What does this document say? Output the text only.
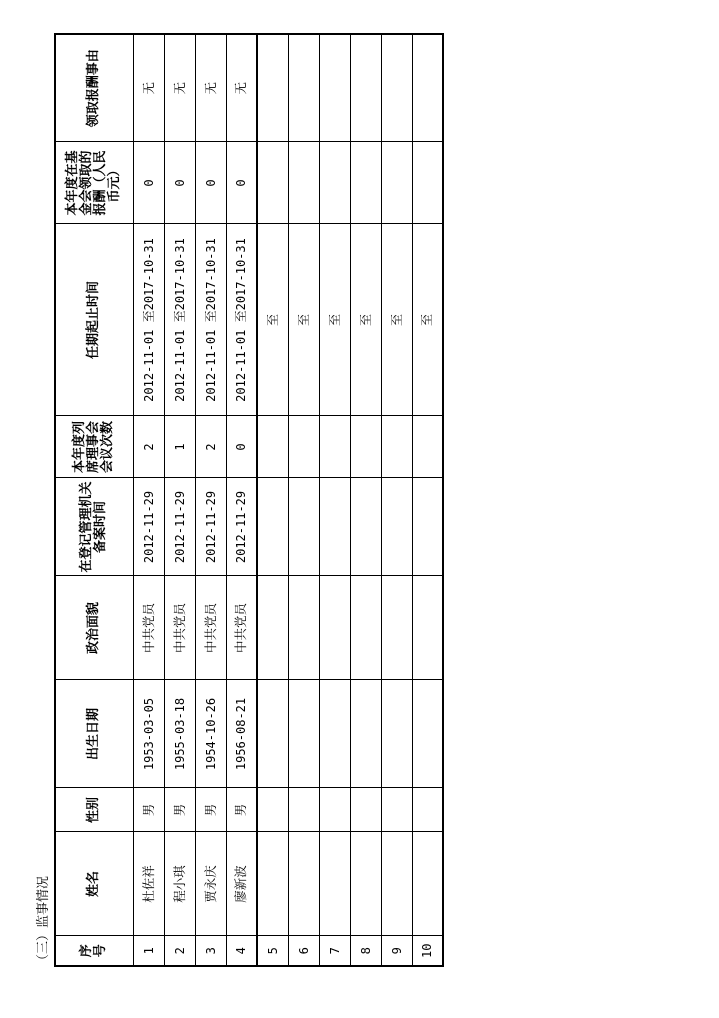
（三）监事情况 序号	姓名	性别	出生日期	政治面貌	在登记管理机关备案时间	本年度列席理事会会议次数	任期起止时间	本年度在基金会领取的报酬（人民币元）	领取报酬事由
1	杜佐祥	男	1953-03-05	中共党员	2012-11-29	2	2012-11-01 至2017-10-31	0	无
2	程小琪	男	1955-03-18	中共党员	2012-11-29	1	2012-11-01 至2017-10-31	0	无
3	贾永庆	男	1954-10-26	中共党员	2012-11-29	2	2012-11-01 至2017-10-31	0	无
4	廖新波	男	1956-08-21	中共党员	2012-11-29	0	2012-11-01 至2017-10-31	0	无
5							至		
6							至		
7							至		
8							至		
9							至		
10							至		
